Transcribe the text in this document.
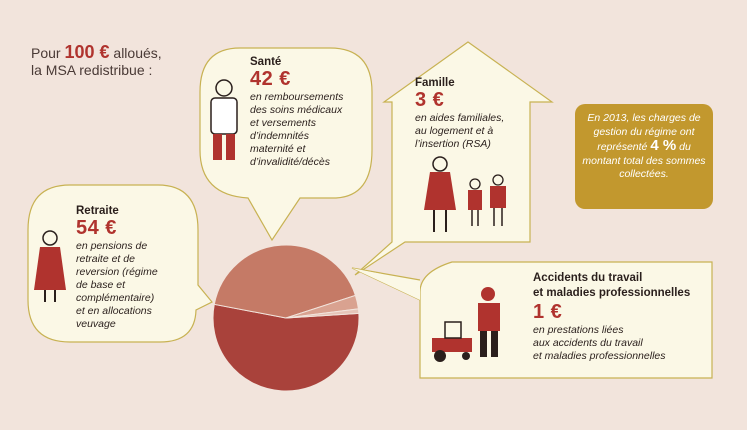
Pour 100 € alloués,
la MSA redistribue :	Santé
42 €
en remboursements
des soins médicaux
et versements
d’indemnités
maternité et
d’invalidité/décès
Famille
3 €
en aides familiales,
au logement et à
l’insertion (RSA)
Retraite
54 €
en pensions de
retraite et de
reversion (régime
de base et
complémentaire)
et en allocations
veuvage
Accidents du travail
et maladies professionnelles
1 €
en prestations liées
aux accidents du travail
et maladies professionnelles
En 2013, les charges de gestion du régime ont représenté 4 % du montant total des sommes collectées.
